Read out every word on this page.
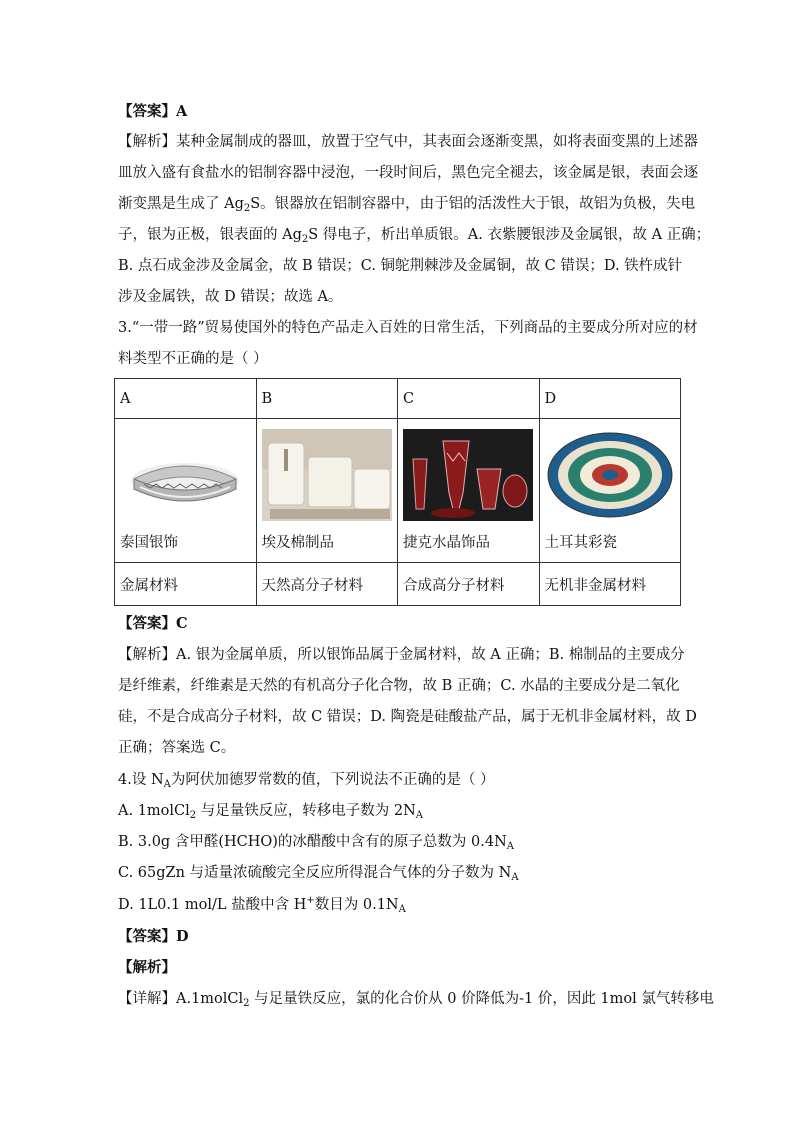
【答案】A
【解析】某种金属制成的器皿，放置于空气中，其表面会逐渐变黑，如将表面变黑的上述器
皿放入盛有食盐水的铝制容器中浸泡，一段时间后，黑色完全褪去，该金属是银，表面会逐
渐变黑是生成了 $Ag_2S$。银器放在铝制容器中，由于铝的活泼性大于银，故铝为负极，失电
子，银为正极，银表面的 $Ag_2S$ 得电子，析出单质银。A. 衣紫腰银涉及金属银，故 A 正确；
B. 点石成金涉及金属金，故 B 错误；C. 铜鸵荆棘涉及金属铜，故 C 错误；D. 铁杵成针
涉及金属铁，故 D 错误；故选 A。
3.“一带一路”贸易使国外的特色产品走入百姓的日常生活，下列商品的主要成分所对应的材
料类型不正确的是（ ）
A	B	C	D

泰国银饰	埃及棉制品	捷克水晶饰品	土耳其彩瓷

金属材料	天然高分子材料	合成高分子材料	无机非金属材料
【答案】C
【解析】A. 银为金属单质，所以银饰品属于金属材料，故 A 正确；B. 棉制品的主要成分
是纤维素，纤维素是天然的有机高分子化合物，故 B 正确；C. 水晶的主要成分是二氧化
硅，不是合成高分子材料，故 C 错误；D. 陶瓷是硅酸盐产品，属于无机非金属材料，故 D
正确；答案选 C。
4.设 $N_A$为阿伏加德罗常数的值，下列说法不正确的是（ ）
A. 1molCl$_2$ 与足量铁反应，转移电子数为 $2N_A$
B. 3.0g 含甲醛(HCHO)的冰醋酸中含有的原子总数为 $0.4N_A$
C. 65gZn 与适量浓硫酸完全反应所得混合气体的分子数为 $N_A$
D. 1L0.1 mol/L 盐酸中含 H+数目为 $0.1N_A$
【答案】D
【解析】
【详解】A.1molCl$_2$ 与足量铁反应，氯的化合价从 0 价降低为-1 价，因此 1mol 氯气转移电
